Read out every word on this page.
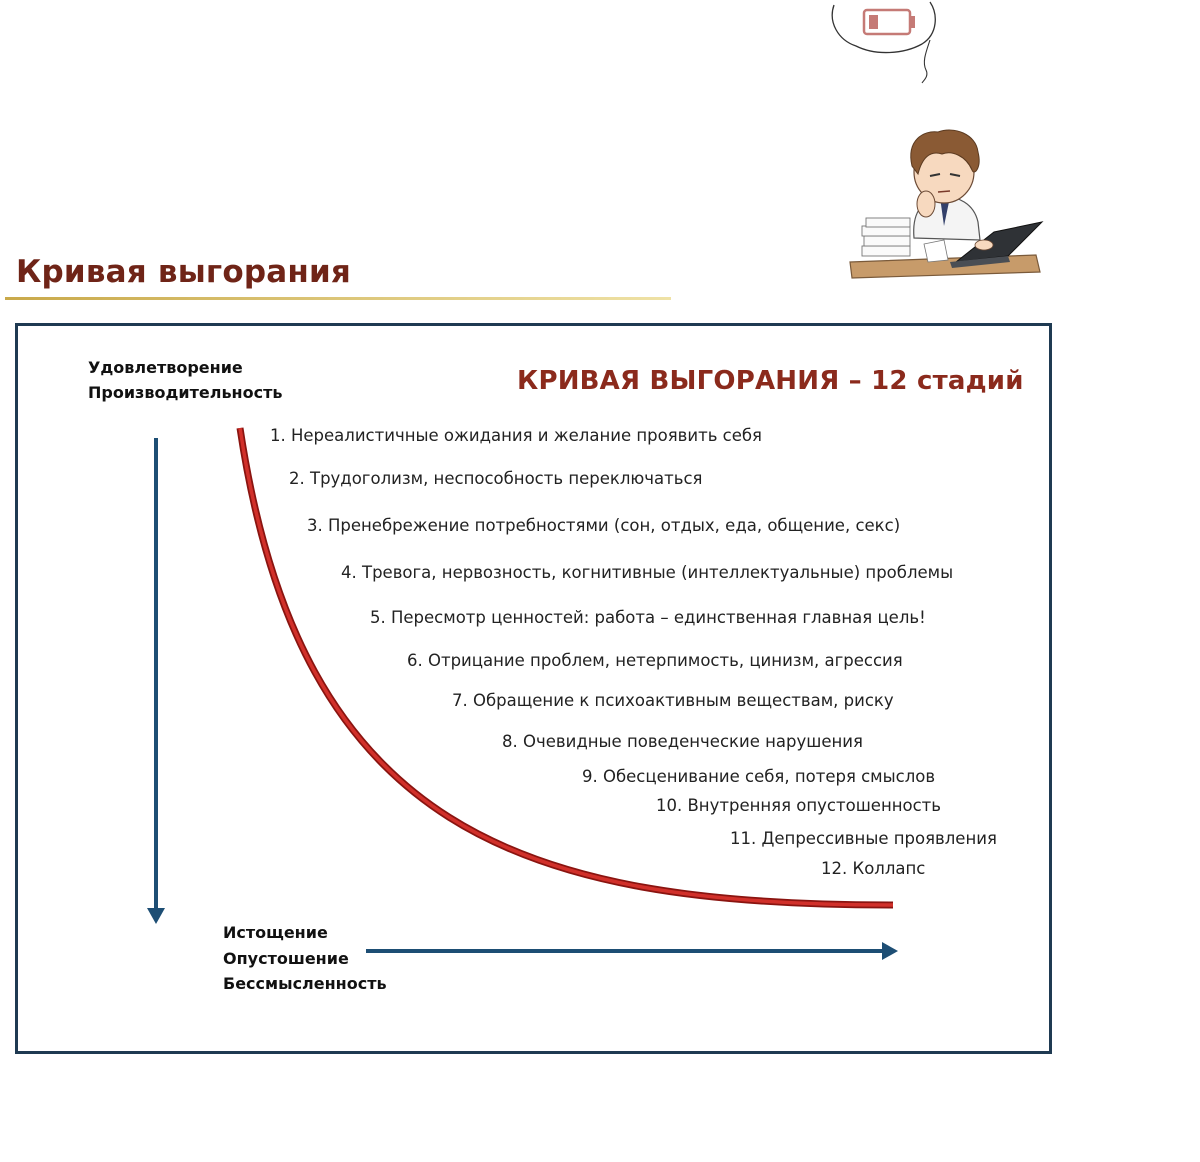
Кривая выгорания
Удовлетворение
Производительность	КРИВАЯ ВЫГОРАНИЯ – 12 стадий
1. Нереалистичные ожидания и желание проявить себя
2. Трудоголизм, неспособность переключаться
3. Пренебрежение потребностями (сон, отдых, еда, общение, секс)
4. Тревога, нервозность, когнитивные (интеллектуальные) проблемы
5. Пересмотр ценностей: работа – единственная главная цель!
6. Отрицание проблем, нетерпимость, цинизм, агрессия
7. Обращение к психоактивным веществам, риску
8. Очевидные поведенческие нарушения
9. Обесценивание себя, потеря смыслов
10. Внутренняя опустошенность
11. Депрессивные проявления
12. Коллапс
Истощение
Опустошение
Бессмысленность
